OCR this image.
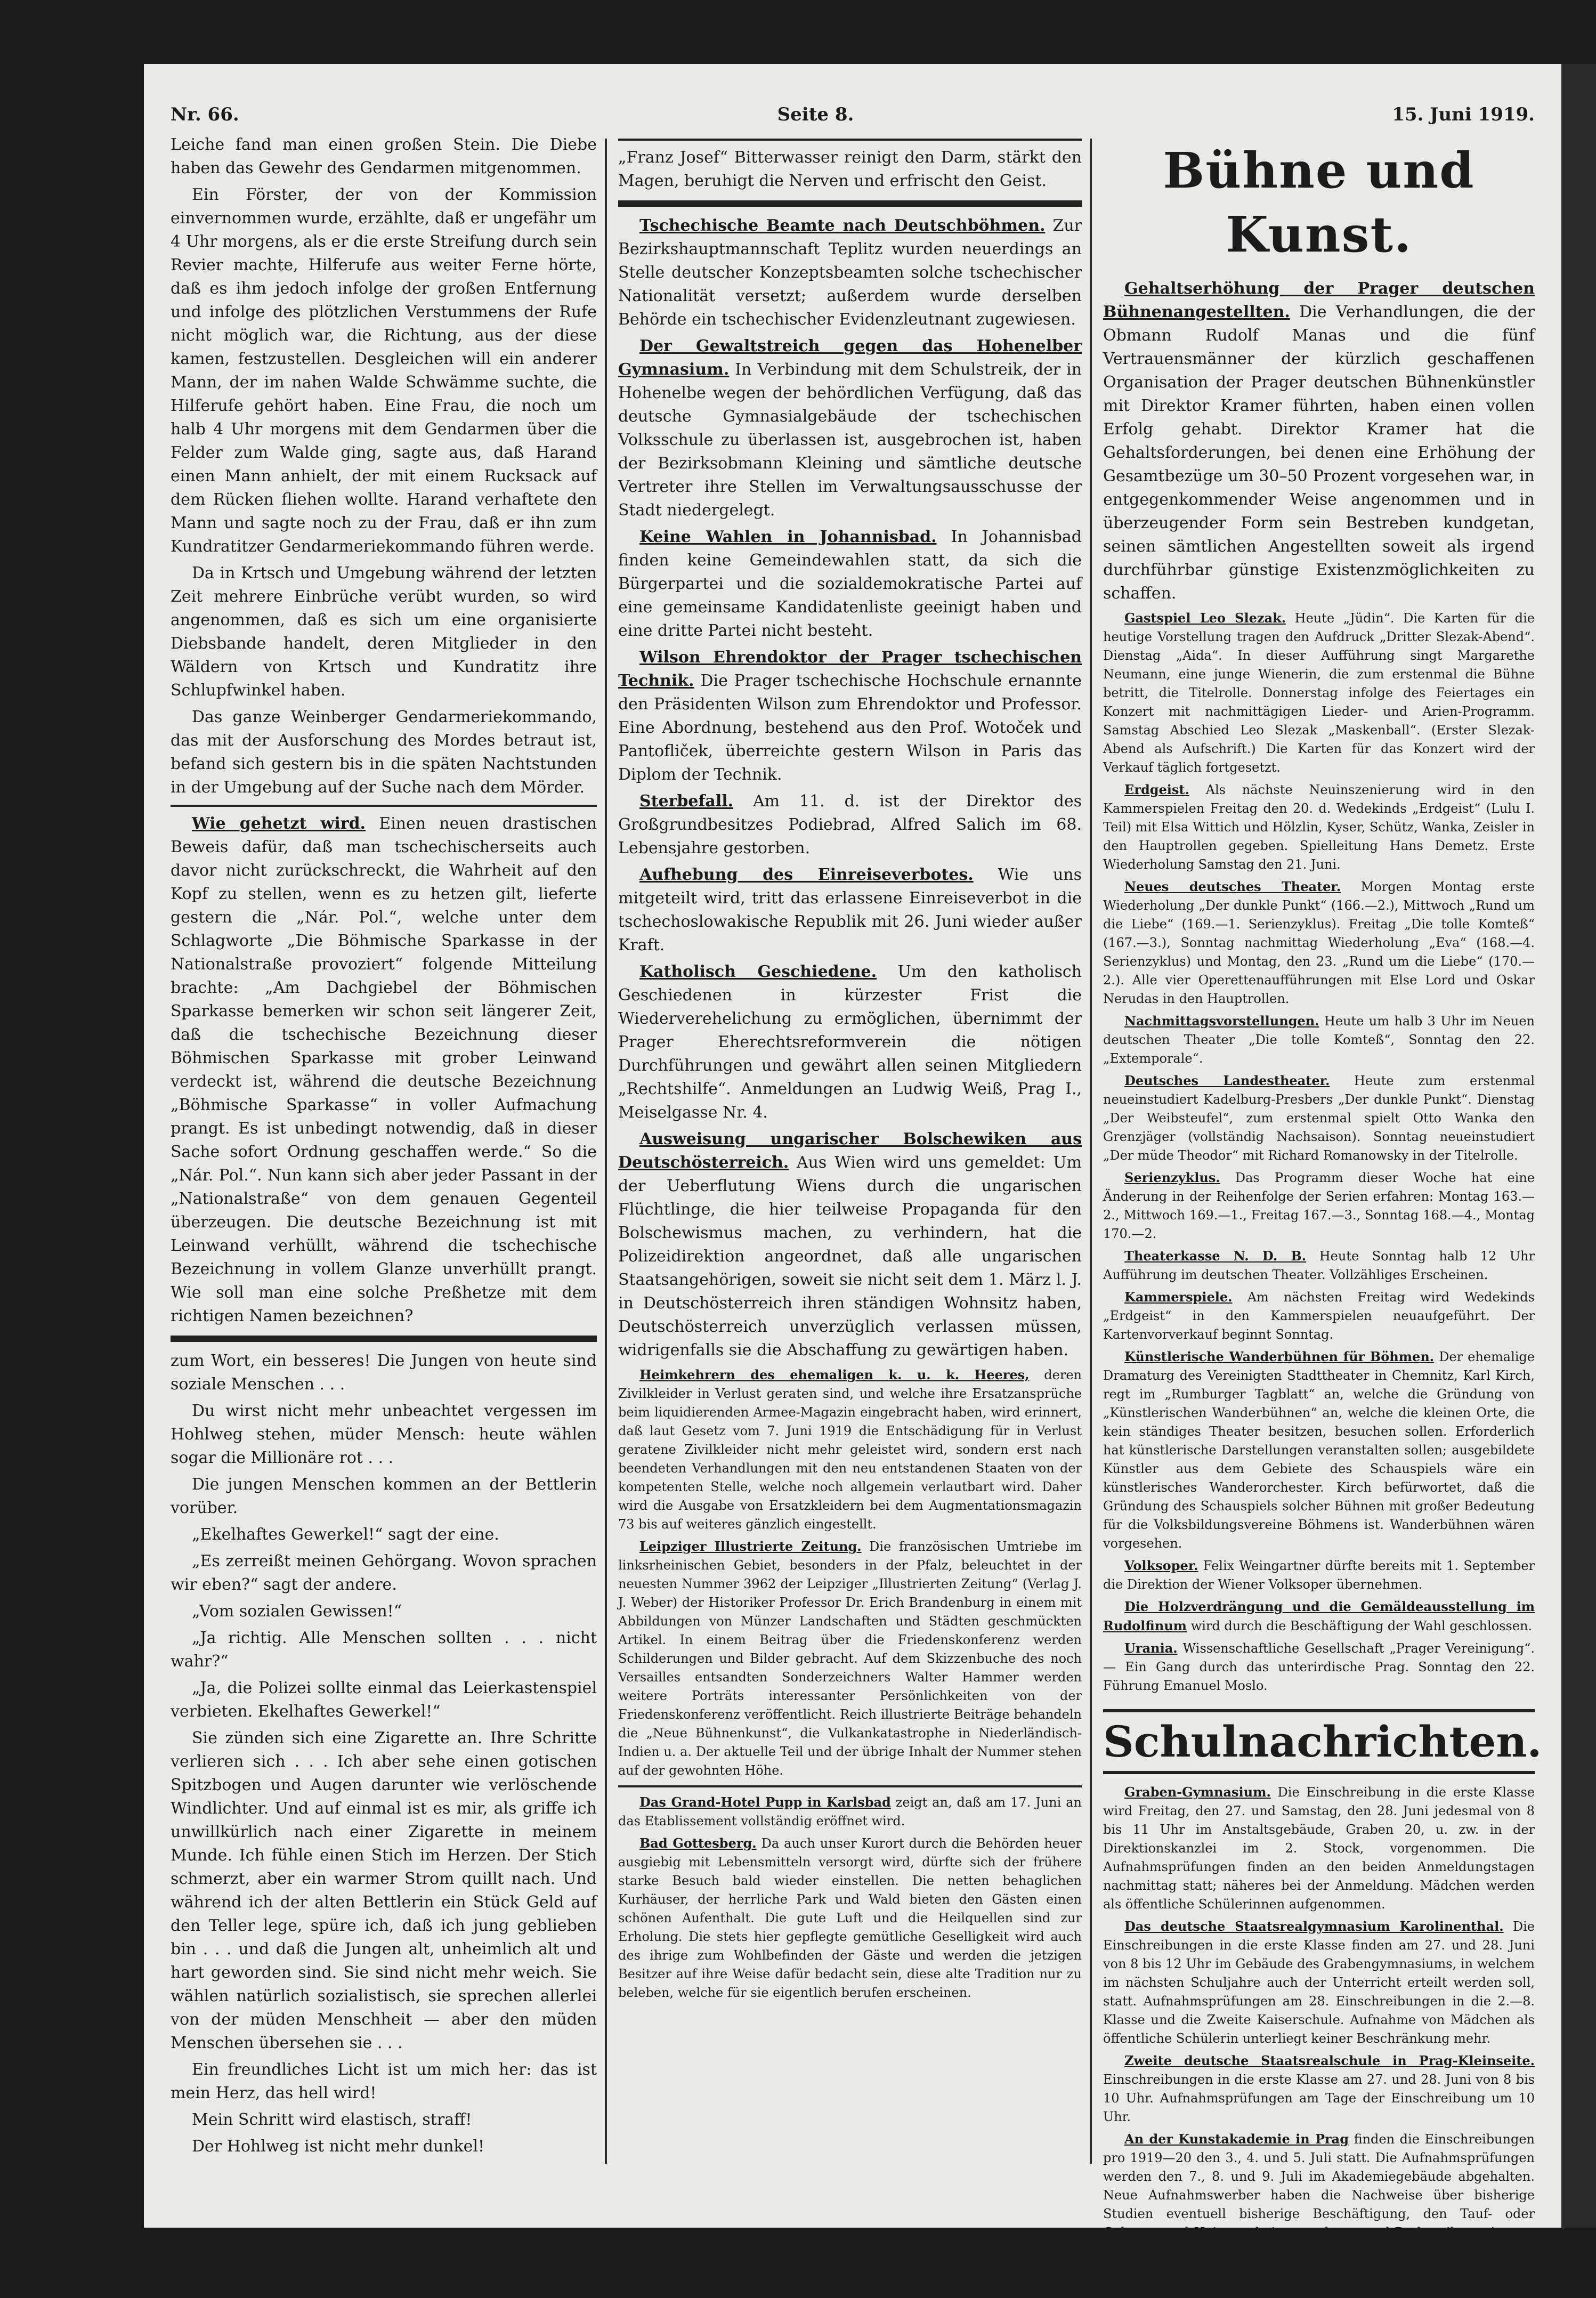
Nr. 66.	Seite 8.	15. Juni 1919.

Leiche fand man einen großen Stein. Die Diebe haben das Gewehr des Gendarmen mitgenommen.

Ein Förster, der von der Kommission einvernommen wurde, erzählte, daß er ungefähr um 4 Uhr morgens, als er die erste Streifung durch sein Revier machte, Hilferufe aus weiter Ferne hörte, daß es ihm jedoch infolge der großen Entfernung und infolge des plötzlichen Verstummens der Rufe nicht möglich war, die Richtung, aus der diese kamen, festzustellen. Desgleichen will ein anderer Mann, der im nahen Walde Schwämme suchte, die Hilferufe gehört haben. Eine Frau, die noch um halb 4 Uhr morgens mit dem Gendarmen über die Felder zum Walde ging, sagte aus, daß Harand einen Mann anhielt, der mit einem Rucksack auf dem Rücken fliehen wollte. Harand verhaftete den Mann und sagte noch zu der Frau, daß er ihn zum Kundratitzer Gendarmeriekommando führen werde.

Da in Krtsch und Umgebung während der letzten Zeit mehrere Einbrüche verübt wurden, so wird angenommen, daß es sich um eine organisierte Diebsbande handelt, deren Mitglieder in den Wäldern von Krtsch und Kundratitz ihre Schlupfwinkel haben.

Das ganze Weinberger Gendarmeriekommando, das mit der Ausforschung des Mordes betraut ist, befand sich gestern bis in die späten Nachtstunden in der Umgebung auf der Suche nach dem Mörder.

Wie gehetzt wird. Einen neuen drastischen Beweis dafür, daß man tschechischerseits auch davor nicht zurückschreckt, die Wahrheit auf den Kopf zu stellen, wenn es zu hetzen gilt, lieferte gestern die „Nár. Pol.“, welche unter dem Schlagworte „Die Böhmische Sparkasse in der Nationalstraße provoziert“ folgende Mitteilung brachte: „Am Dachgiebel der Böhmischen Sparkasse bemerken wir schon seit längerer Zeit, daß die tschechische Bezeichnung dieser Böhmischen Sparkasse mit grober Leinwand verdeckt ist, während die deutsche Bezeichnung „Böhmische Sparkasse“ in voller Aufmachung prangt. Es ist unbedingt notwendig, daß in dieser Sache sofort Ordnung geschaffen werde.“ So die „Nár. Pol.“. Nun kann sich aber jeder Passant in der „Nationalstraße“ von dem genauen Gegenteil überzeugen. Die deutsche Bezeichnung ist mit Leinwand verhüllt, während die tschechische Bezeichnung in vollem Glanze unverhüllt prangt. Wie soll man eine solche Preßhetze mit dem richtigen Namen bezeichnen?

zum Wort, ein besseres! Die Jungen von heute sind soziale Menschen . . .

Du wirst nicht mehr unbeachtet vergessen im Hohlweg stehen, müder Mensch: heute wählen sogar die Millionäre rot . . .

Die jungen Menschen kommen an der Bettlerin vorüber.

„Ekelhaftes Gewerkel!“ sagt der eine.

„Es zerreißt meinen Gehörgang. Wovon sprachen wir eben?“ sagt der andere.

„Vom sozialen Gewissen!“

„Ja richtig. Alle Menschen sollten . . . nicht wahr?“

„Ja, die Polizei sollte einmal das Leierkastenspiel verbieten. Ekelhaftes Gewerkel!“

Sie zünden sich eine Zigarette an. Ihre Schritte verlieren sich . . . Ich aber sehe einen gotischen Spitzbogen und Augen darunter wie verlöschende Windlichter. Und auf einmal ist es mir, als griffe ich unwillkürlich nach einer Zigarette in meinem Munde. Ich fühle einen Stich im Herzen. Der Stich schmerzt, aber ein warmer Strom quillt nach. Und während ich der alten Bettlerin ein Stück Geld auf den Teller lege, spüre ich, daß ich jung geblieben bin . . . und daß die Jungen alt, unheimlich alt und hart geworden sind. Sie sind nicht mehr weich. Sie wählen natürlich sozialistisch, sie sprechen allerlei von der müden Menschheit — aber den müden Menschen übersehen sie . . .

Ein freundliches Licht ist um mich her: das ist mein Herz, das hell wird!

Mein Schritt wird elastisch, straff!

Der Hohlweg ist nicht mehr dunkel!

„Franz Josef“ Bitterwasser reinigt den Darm, stärkt den Magen, beruhigt die Nerven und erfrischt den Geist.

Tschechische Beamte nach Deutschböhmen. Zur Bezirkshauptmannschaft Teplitz wurden neuerdings an Stelle deutscher Konzeptsbeamten solche tschechischer Nationalität versetzt; außerdem wurde derselben Behörde ein tschechischer Evidenzleutnant zugewiesen.

Der Gewaltstreich gegen das Hohenelber Gymnasium. In Verbindung mit dem Schulstreik, der in Hohenelbe wegen der behördlichen Verfügung, daß das deutsche Gymnasialgebäude der tschechischen Volksschule zu überlassen ist, ausgebrochen ist, haben der Bezirksobmann Kleining und sämtliche deutsche Vertreter ihre Stellen im Verwaltungsausschusse der Stadt niedergelegt.

Keine Wahlen in Johannisbad. In Johannisbad finden keine Gemeindewahlen statt, da sich die Bürgerpartei und die sozialdemokratische Partei auf eine gemeinsame Kandidatenliste geeinigt haben und eine dritte Partei nicht besteht.

Wilson Ehrendoktor der Prager tschechischen Technik. Die Prager tschechische Hochschule ernannte den Präsidenten Wilson zum Ehrendoktor und Professor. Eine Abordnung, bestehend aus den Prof. Wotoček und Pantofliček, überreichte gestern Wilson in Paris das Diplom der Technik.

Sterbefall. Am 11. d. ist der Direktor des Großgrundbesitzes Podiebrad, Alfred Salich im 68. Lebensjahre gestorben.

Aufhebung des Einreiseverbotes. Wie uns mitgeteilt wird, tritt das erlassene Einreiseverbot in die tschechoslowakische Republik mit 26. Juni wieder außer Kraft.

Katholisch Geschiedene. Um den katholisch Geschiedenen in kürzester Frist die Wiederverehelichung zu ermöglichen, übernimmt der Prager Eherechtsreformverein die nötigen Durchführungen und gewährt allen seinen Mitgliedern „Rechtshilfe“. Anmeldungen an Ludwig Weiß, Prag I., Meiselgasse Nr. 4.

Ausweisung ungarischer Bolschewiken aus Deutschösterreich. Aus Wien wird uns gemeldet: Um der Ueberflutung Wiens durch die ungarischen Flüchtlinge, die hier teilweise Propaganda für den Bolschewismus machen, zu verhindern, hat die Polizeidirektion angeordnet, daß alle ungarischen Staatsangehörigen, soweit sie nicht seit dem 1. März l. J. in Deutschösterreich ihren ständigen Wohnsitz haben, Deutschösterreich unverzüglich verlassen müssen, widrigenfalls sie die Abschaffung zu gewärtigen haben.

Heimkehrern des ehemaligen k. u. k. Heeres, deren Zivilkleider in Verlust geraten sind, und welche ihre Ersatzansprüche beim liquidierenden Armee-Magazin eingebracht haben, wird erinnert, daß laut Gesetz vom 7. Juni 1919 die Entschädigung für in Verlust geratene Zivilkleider nicht mehr geleistet wird, sondern erst nach beendeten Verhandlungen mit den neu entstandenen Staaten von der kompetenten Stelle, welche noch allgemein verlautbart wird. Daher wird die Ausgabe von Ersatzkleidern bei dem Augmentationsmagazin 73 bis auf weiteres gänzlich eingestellt.

Leipziger Illustrierte Zeitung. Die französischen Umtriebe im linksrheinischen Gebiet, besonders in der Pfalz, beleuchtet in der neuesten Nummer 3962 der Leipziger „Illustrierten Zeitung“ (Verlag J. J. Weber) der Historiker Professor Dr. Erich Brandenburg in einem mit Abbildungen von Münzer Landschaften und Städten geschmückten Artikel. In einem Beitrag über die Friedenskonferenz werden Schilderungen und Bilder gebracht. Auf dem Skizzenbuche des noch Versailles entsandten Sonderzeichners Walter Hammer werden weitere Porträts interessanter Persönlichkeiten von der Friedenskonferenz veröffentlicht. Reich illustrierte Beiträge behandeln die „Neue Bühnenkunst“, die Vulkankatastrophe in Niederländisch-Indien u. a. Der aktuelle Teil und der übrige Inhalt der Nummer stehen auf der gewohnten Höhe.

Das Grand-Hotel Pupp in Karlsbad zeigt an, daß am 17. Juni an das Etablissement vollständig eröffnet wird.

Bad Gottesberg. Da auch unser Kurort durch die Behörden heuer ausgiebig mit Lebensmitteln versorgt wird, dürfte sich der frühere starke Besuch bald wieder einstellen. Die netten behaglichen Kurhäuser, der herrliche Park und Wald bieten den Gästen einen schönen Aufenthalt. Die gute Luft und die Heilquellen sind zur Erholung. Die stets hier gepflegte gemütliche Geselligkeit wird auch des ihrige zum Wohlbefinden der Gäste und werden die jetzigen Besitzer auf ihre Weise dafür bedacht sein, diese alte Tradition nur zu beleben, welche für sie eigentlich berufen erscheinen.

Bühne und Kunst.

Gehaltserhöhung der Prager deutschen Bühnenangestellten. Die Verhandlungen, die der Obmann Rudolf Manas und die fünf Vertrauensmänner der kürzlich geschaffenen Organisation der Prager deutschen Bühnenkünstler mit Direktor Kramer führten, haben einen vollen Erfolg gehabt. Direktor Kramer hat die Gehaltsforderungen, bei denen eine Erhöhung der Gesamtbezüge um 30–50 Prozent vorgesehen war, in entgegenkommender Weise angenommen und in überzeugender Form sein Bestreben kundgetan, seinen sämtlichen Angestellten soweit als irgend durchführbar günstige Existenzmöglichkeiten zu schaffen.

Gastspiel Leo Slezak. Heute „Jüdin“. Die Karten für die heutige Vorstellung tragen den Aufdruck „Dritter Slezak-Abend“. Dienstag „Aida“. In dieser Aufführung singt Margarethe Neumann, eine junge Wienerin, die zum erstenmal die Bühne betritt, die Titelrolle. Donnerstag infolge des Feiertages ein Konzert mit nachmittägigen Lieder- und Arien-Programm. Samstag Abschied Leo Slezak „Maskenball“. (Erster Slezak-Abend als Aufschrift.) Die Karten für das Konzert wird der Verkauf täglich fortgesetzt.

Erdgeist. Als nächste Neuinszenierung wird in den Kammerspielen Freitag den 20. d. Wedekinds „Erdgeist“ (Lulu I. Teil) mit Elsa Wittich und Hölzlin, Kyser, Schütz, Wanka, Zeisler in den Hauptrollen gegeben. Spielleitung Hans Demetz. Erste Wiederholung Samstag den 21. Juni.

Neues deutsches Theater. Morgen Montag erste Wiederholung „Der dunkle Punkt“ (166.—2.), Mittwoch „Rund um die Liebe“ (169.—1. Serienzyklus). Freitag „Die tolle Komteß“ (167.—3.), Sonntag nachmittag Wiederholung „Eva“ (168.—4. Serienzyklus) und Montag, den 23. „Rund um die Liebe“ (170.—2.). Alle vier Operettenaufführungen mit Else Lord und Oskar Nerudas in den Hauptrollen.

Nachmittagsvorstellungen. Heute um halb 3 Uhr im Neuen deutschen Theater „Die tolle Komteß“, Sonntag den 22. „Extemporale“.

Deutsches Landestheater. Heute zum erstenmal neueinstudiert Kadelburg-Presbers „Der dunkle Punkt“. Dienstag „Der Weibsteufel“, zum erstenmal spielt Otto Wanka den Grenzjäger (vollständig Nachsaison). Sonntag neueinstudiert „Der müde Theodor“ mit Richard Romanowsky in der Titelrolle.

Serienzyklus. Das Programm dieser Woche hat eine Änderung in der Reihenfolge der Serien erfahren: Montag 163.—2., Mittwoch 169.—1., Freitag 167.—3., Sonntag 168.—4., Montag 170.—2.

Theaterkasse N. D. B. Heute Sonntag halb 12 Uhr Aufführung im deutschen Theater. Vollzähliges Erscheinen.

Kammerspiele. Am nächsten Freitag wird Wedekinds „Erdgeist“ in den Kammerspielen neuaufgeführt. Der Kartenvorverkauf beginnt Sonntag.

Künstlerische Wanderbühnen für Böhmen. Der ehemalige Dramaturg des Vereinigten Stadttheater in Chemnitz, Karl Kirch, regt im „Rumburger Tagblatt“ an, welche die Gründung von „Künstlerischen Wanderbühnen“ an, welche die kleinen Orte, die kein ständiges Theater besitzen, besuchen sollen. Erforderlich hat künstlerische Darstellungen veranstalten sollen; ausgebildete Künstler aus dem Gebiete des Schauspiels wäre ein künstlerisches Wanderorchester. Kirch befürwortet, daß die Gründung des Schauspiels solcher Bühnen mit großer Bedeutung für die Volksbildungsvereine Böhmens ist. Wanderbühnen wären vorgesehen.

Volksoper. Felix Weingartner dürfte bereits mit 1. September die Direktion der Wiener Volksoper übernehmen.

Die Holzverdrängung und die Gemäldeausstellung im Rudolfinum wird durch die Beschäftigung der Wahl geschlossen.

Urania. Wissenschaftliche Gesellschaft „Prager Vereinigung“. — Ein Gang durch das unterirdische Prag. Sonntag den 22. Führung Emanuel Moslo.

Schulnachrichten.

Graben-Gymnasium. Die Einschreibung in die erste Klasse wird Freitag, den 27. und Samstag, den 28. Juni jedesmal von 8 bis 11 Uhr im Anstaltsgebäude, Graben 20, u. zw. in der Direktionskanzlei im 2. Stock, vorgenommen. Die Aufnahmsprüfungen finden an den beiden Anmeldungstagen nachmittag statt; näheres bei der Anmeldung. Mädchen werden als öffentliche Schülerinnen aufgenommen.

Das deutsche Staatsrealgymnasium Karolinenthal. Die Einschreibungen in die erste Klasse finden am 27. und 28. Juni von 8 bis 12 Uhr im Gebäude des Grabengymnasiums, in welchem im nächsten Schuljahre auch der Unterricht erteilt werden soll, statt. Aufnahmsprüfungen am 28. Einschreibungen in die 2.—8. Klasse und die Zweite Kaiserschule. Aufnahme von Mädchen als öffentliche Schülerin unterliegt keiner Beschränkung mehr.

Zweite deutsche Staatsrealschule in Prag-Kleinseite. Einschreibungen in die erste Klasse am 27. und 28. Juni von 8 bis 10 Uhr. Aufnahmsprüfungen am Tage der Einschreibung um 10 Uhr.

An der Kunstakademie in Prag finden die Einschreibungen pro 1919—20 den 3., 4. und 5. Juli statt. Die Aufnahmsprüfungen werden den 7., 8. und 9. Juli im Akademiegebäude abgehalten. Neue Aufnahmswerber haben die Nachweise über bisherige Studien eventuell bisherige Beschäftigung, den Tauf- oder Geburts- und Heimatschein vorzulegen und Proben ihrer eigenen Arbeiten einzubringen. Das Schulgeld beträgt pro Semester 20 K, der Jnventarbeitrag 4 K. Nähere Bedingungen in der Studienordnung, welche unentgeltlich erhältlich ist.
